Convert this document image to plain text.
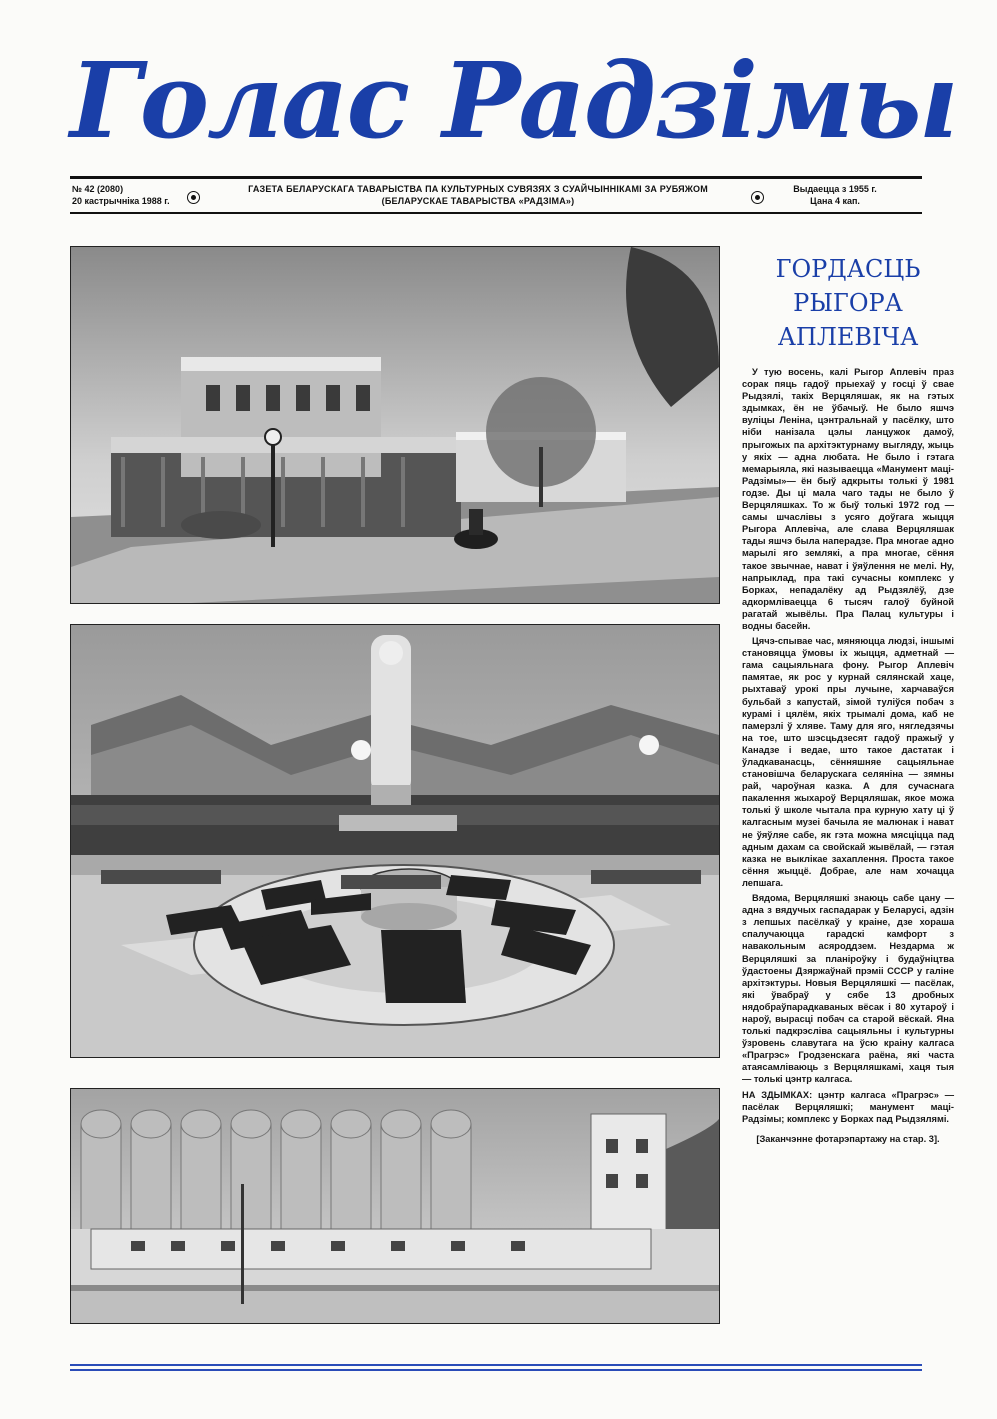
Голас Радзімы
№ 42 (2080)
20 кастрычніка 1988 г.
ГАЗЕТА БЕЛАРУСКАГА ТАВАРЫСТВА ПА КУЛЬТУРНЫХ СУВЯЗЯХ З СУАЙЧЫННІКАМІ ЗА РУБЯЖОМ
(БЕЛАРУСКАЕ ТАВАРЫСТВА «РАДЗІМА»)
Выдаецца з 1955 г.
Цана 4 кап.
ГОРДАСЦЬ
РЫГОРА
АПЛЕВІЧА

У тую восень, калі Рыгор Аплевіч праз сорак пяць гадоў прыехаў у госці ў свае Рыдзялі, такіх Верцяляшак, як на гэтых здымках, ён не ўбачыў. Не было яшчэ вуліцы Леніна, цэнтральнай у пасёлку, што ніби нанізала цэлы ланцужок дамоў, прыгожых па архітэктурнаму выгляду, жыць у якіх — адна любата. Не было і гэтага мемарыяла, які называецца «Манумент маці-Радзімы»— ён быў адкрыты толькі ў 1981 годзе. Ды ці мала чаго тады не было ў Верцяляшках. То ж быў толькі 1972 год — самы шчаслівы з усяго доўгага жыцця Рыгора Аплевіча, але слава Верцяляшак тады яшчэ была наперадзе. Пра многае адно марылі яго землякі, а пра многае, сёння такое звычнае, нават і ўяўлення не мелі. Ну, напрыклад, пра такі сучасны комплекс у Борках, непадалёку ад Рыдзялёў, дзе адкормліваецца 6 тысяч галоў буйной рагатай жывёлы. Пра Палац культуры і водны басейн.

Цячэ-спывае час, мяняюцца людзі, іншымі становяцца ўмовы іх жыцця, адметнай — гама сацыяльнага фону. Рыгор Аплевіч памятае, як рос у курнай сялянскай хаце, рыхтаваў урокі пры лучыне, харчаваўся бульбай з капустай, зімой туліўся побач з курамі і цялём, якіх трымалі дома, каб не памерзлі ў хляве. Таму для яго, нягледзячы на тое, што шэсцьдзесят гадоў пражыў у Канадзе і ведае, што такое дастатак і ўладкаванасць, сённяшняе сацыяльнае становішча беларускага селяніна — зямны рай, чароўная казка. А для сучаснага пакалення жыхароў Верцяляшак, якое можа толькі ў школе чытала пра курную хату ці ў калгасным музеі бачыла яе малюнак і нават не ўяўляе сабе, як гэта можна мясціцца пад адным дахам са свойскай жывёлай, — гэтая казка не выклікае захаплення. Проста такое сёння жыццё. Добрае, але нам хочацца лепшага.

Вядома, Верцяляшкі знаюць сабе цану — адна з вядучых гаспадарак у Беларусі, адзін з лепшых пасёлкаў у краіне, дзе хораша спалучаюцца гарадскі камфорт з навакольным асяроддзем. Нездарма ж Верцяляшкі за планіроўку і будаўніцтва ўдастоены Дзяржаўнай прэміі СССР у галіне архітэктуры. Новыя Верцяляшкі — пасёлак, які ўвабраў у сябе 13 дробных нядобраўпарадкаваных вёсак і 80 хутароў і нароў, вырасці побач са старой вёскай. Яна толькі падкрэсліва сацыяльны і культурны ўзровень славутага на ўсю краіну калгаса «Прагрэс» Гродзенскага раёна, які часта атаясамліваюць з Верцяляшкамі, хаця тыя — толькі цэнтр калгаса.

НА ЗДЫМКАХ: цэнтр калгаса «Прагрэс» — пасёлак Верцяляшкі; манумент маці-Радзімы; комплекс у Борках пад Рыдзялямі.

[Заканчэнне фотарэпартажу на стар. 3].
